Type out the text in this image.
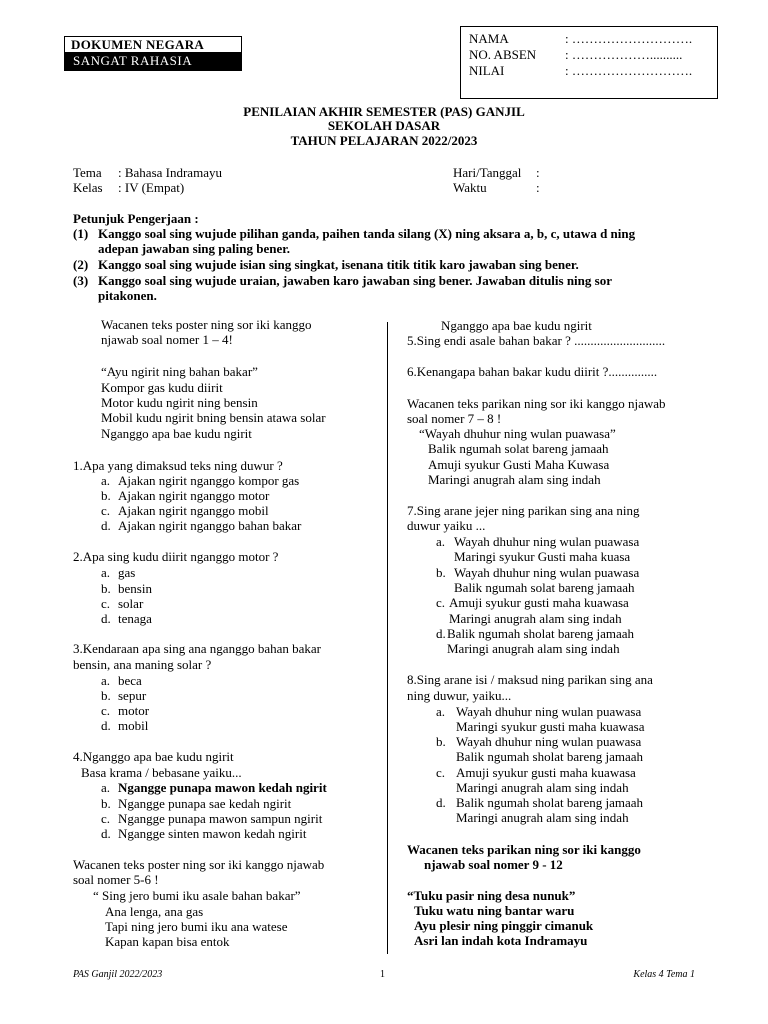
DOKUMEN NEGARA
SANGAT RAHASIA
NAMA	: ……………………….
NO. ABSEN : ………………..........
NILAI	: ……………………….
PENILAIAN AKHIR SEMESTER (PAS) GANJIL
SEKOLAH DASAR
TAHUN PELAJARAN 2022/2023
Tema : Bahasa Indramayu
Kelas : IV (Empat)
Hari/Tanggal :
Waktu	:
Petunjuk Pengerjaan :
(1) Kanggo soal sing wujude pilihan ganda, paihen tanda silang (X) ning aksara a, b, c, utawa d ning
adepan jawaban sing paling bener.
(2) Kanggo soal sing wujude isian sing singkat, isenana titik titik karo jawaban sing bener.
(3) Kanggo soal sing wujude uraian, jawaben karo jawaban sing bener. Jawaban ditulis ning sor
pitakonen.
Wacanen teks poster ning sor iki kanggo
njawab soal nomer 1 – 4!
“Ayu ngirit ning bahan bakar”
Kompor gas kudu diirit
Motor kudu ngirit ning bensin
Mobil kudu ngirit bning bensin atawa solar
Nganggo apa bae kudu ngirit
1.Apa yang dimaksud teks ning duwur ?
a. Ajakan ngirit nganggo kompor gas
b. Ajakan ngirit nganggo motor
c. Ajakan ngirit nganggo mobil
d. Ajakan ngirit nganggo bahan bakar
2.Apa sing kudu diirit nganggo motor ?
a. gas
b. bensin
c. solar
d. tenaga
3.Kendaraan apa sing ana nganggo bahan bakar
bensin, ana maning solar ?
a. beca
b. sepur
c. motor
d. mobil
4.Nganggo apa bae kudu ngirit
Basa krama / bebasane yaiku...
a. Ngangge punapa mawon kedah ngirit
b. Ngangge punapa sae kedah ngirit
c. Ngangge punapa mawon sampun ngirit
d. Ngangge sinten mawon kedah ngirit
Wacanen teks poster ning sor iki kanggo njawab
soal nomer 5-6 !
“ Sing jero bumi iku asale bahan bakar”
Ana lenga, ana gas
Tapi ning jero bumi iku ana watese
Kapan kapan bisa entok
Nganggo apa bae kudu ngirit
5.Sing endi asale bahan bakar ? ............................
6.Kenangapa bahan bakar kudu diirit ?...............
Wacanen teks parikan ning sor iki kanggo njawab
soal nomer 7 – 8 !
“Wayah dhuhur ning wulan puawasa”
Balik ngumah solat bareng jamaah
Amuji syukur Gusti Maha Kuwasa
Maringi anugrah alam sing indah
7.Sing arane jejer ning parikan sing ana ning
duwur yaiku ...
a. Wayah dhuhur ning wulan puawasa
Maringi syukur Gusti maha kuasa
b. Wayah dhuhur ning wulan puawasa
Balik ngumah solat bareng jamaah
c. Amuji syukur gusti maha kuawasa
Maringi anugrah alam sing indah
d. Balik ngumah sholat bareng jamaah
Maringi anugrah alam sing indah
8.Sing arane isi / maksud ning parikan sing ana
ning duwur, yaiku...
a. Wayah dhuhur ning wulan puawasa
Maringi syukur gusti maha kuawasa
b. Wayah dhuhur ning wulan puawasa
Balik ngumah sholat bareng jamaah
c. Amuji syukur gusti maha kuawasa
Maringi anugrah alam sing indah
d. Balik ngumah sholat bareng jamaah
Maringi anugrah alam sing indah
Wacanen teks parikan ning sor iki kanggo
njawab soal nomer 9 - 12
“Tuku pasir ning desa nunuk”
Tuku watu ning bantar waru
Ayu plesir ning pinggir cimanuk
Asri lan indah kota Indramayu
PAS Ganjil 2022/2023	1	Kelas 4 Tema 1
